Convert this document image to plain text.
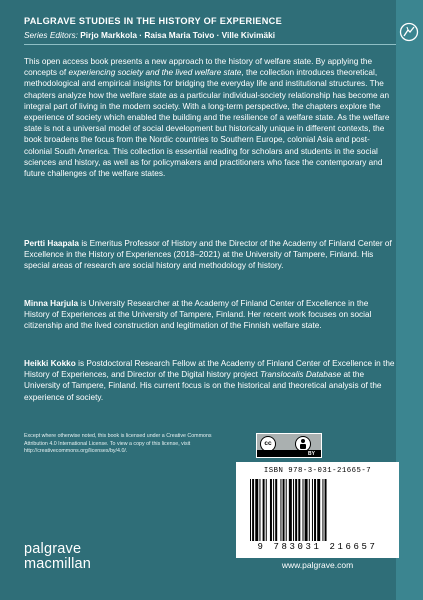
PALGRAVE STUDIES IN THE HISTORY OF EXPERIENCE
Series Editors: Pirjo Markkola · Raisa Maria Toivo · Ville Kivimäki

This open access book presents a new approach to the history of welfare state. By applying the concepts of experiencing society and the lived welfare state, the collection introduces theoretical, methodological and empirical insights for bridging the everyday life and institutional structures. The chapters analyze how the welfare state as a particular individual-society relationship has become an integral part of living in the modern society. With a long-term perspective, the chapters explore the experience of society which enabled the building and the resilience of a welfare state. As the welfare state is not a universal model of social development but historically unique in different contexts, the book broadens the focus from the Nordic countries to Southern Europe, colonial Asia and post-colonial South America. This collection is essential reading for scholars and students in the social sciences and history, as well as for policymakers and practitioners who face the contemporary and future challenges of the welfare states.

Pertti Haapala is Emeritus Professor of History and the Director of the Academy of Finland Center of Excellence in the History of Experiences (2018–2021) at the University of Tampere, Finland. His special areas of research are social history and methodology of history.

Minna Harjula is University Researcher at the Academy of Finland Center of Excellence in the History of Experiences at the University of Tampere, Finland. Her recent work focuses on social citizenship and the lived construction and legitimation of the Finnish welfare state.

Heikki Kokko is Postdoctoral Research Fellow at the Academy of Finland Center of Excellence in the History of Experiences, and Director of the Digital history project Translocalis Database at the University of Tampere, Finland. His current focus is on the historical and theoretical analysis of the experience of society.

Except where otherwise noted, this book is licensed under a Creative Commons Attribution 4.0 International License. To view a copy of this license, visit http://creativecommons.org/licenses/by/4.0/.
cc
BY
ISBN 978-3-031-21665-7
9 783031 216657
www.palgrave.com
palgrave
macmillan
